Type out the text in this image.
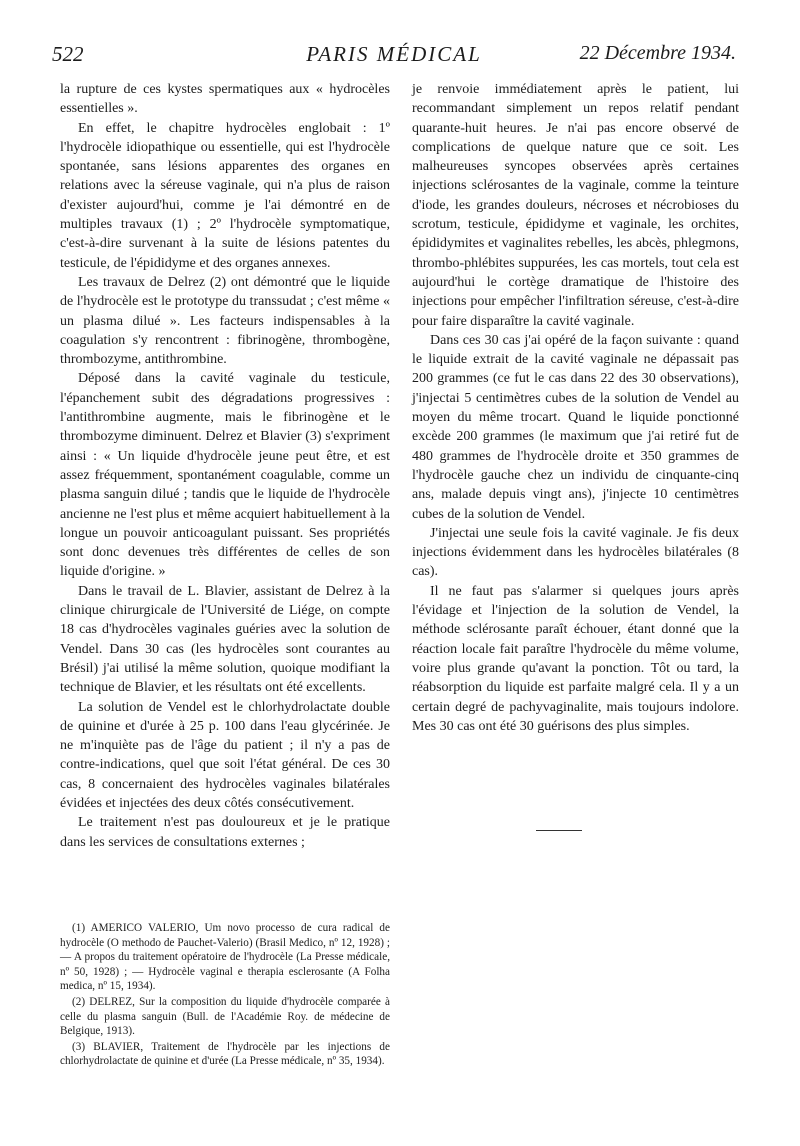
522	PARIS MÉDICAL	22 Décembre 1934.

la rupture de ces kystes spermatiques aux « hydrocèles essentielles ».

En effet, le chapitre hydrocèles englobait : 1º l'hydrocèle idiopathique ou essentielle, qui est l'hydrocèle spontanée, sans lésions apparentes des organes en relations avec la séreuse vaginale, qui n'a plus de raison d'exister aujourd'hui, comme je l'ai démontré en de multiples travaux (1) ; 2º l'hydrocèle symptomatique, c'est-à-dire survenant à la suite de lésions patentes du testicule, de l'épididyme et des organes annexes.

Les travaux de Delrez (2) ont démontré que le liquide de l'hydrocèle est le prototype du transsudat ; c'est même « un plasma dilué ». Les facteurs indispensables à la coagulation s'y rencontrent : fibrinogène, thrombogène, thrombozyme, antithrombine.

Déposé dans la cavité vaginale du testicule, l'épanchement subit des dégradations progressives : l'antithrombine augmente, mais le fibrinogène et le thrombozyme diminuent. Delrez et Blavier (3) s'expriment ainsi : « Un liquide d'hydrocèle jeune peut être, et est assez fréquemment, spontanément coagulable, comme un plasma sanguin dilué ; tandis que le liquide de l'hydrocèle ancienne ne l'est plus et même acquiert habituellement à la longue un pouvoir anticoagulant puissant. Ses propriétés sont donc devenues très différentes de celles de son liquide d'origine. »

Dans le travail de L. Blavier, assistant de Delrez à la clinique chirurgicale de l'Université de Liége, on compte 18 cas d'hydrocèles vaginales guéries avec la solution de Vendel. Dans 30 cas (les hydrocèles sont courantes au Brésil) j'ai utilisé la même solution, quoique modifiant la technique de Blavier, et les résultats ont été excellents.

La solution de Vendel est le chlorhydrolactate double de quinine et d'urée à 25 p. 100 dans l'eau glycérinée. Je ne m'inquiète pas de l'âge du patient ; il n'y a pas de contre-indications, quel que soit l'état général. De ces 30 cas, 8 concernaient des hydrocèles vaginales bilatérales évidées et injectées des deux côtés consécutivement.

Le traitement n'est pas douloureux et je le pratique dans les services de consultations externes ;

je renvoie immédiatement après le patient, lui recommandant simplement un repos relatif pendant quarante-huit heures. Je n'ai pas encore observé de complications de quelque nature que ce soit. Les malheureuses syncopes observées après certaines injections sclérosantes de la vaginale, comme la teinture d'iode, les grandes douleurs, nécroses et nécrobioses du scrotum, testicule, épididyme et vaginale, les orchites, épididymites et vaginalites rebelles, les abcès, phlegmons, thrombo-phlébites suppurées, les cas mortels, tout cela est aujourd'hui le cortège dramatique de l'histoire des injections pour empêcher l'infiltration séreuse, c'est-à-dire pour faire disparaître la cavité vaginale.

Dans ces 30 cas j'ai opéré de la façon suivante : quand le liquide extrait de la cavité vaginale ne dépassait pas 200 grammes (ce fut le cas dans 22 des 30 observations), j'injectai 5 centimètres cubes de la solution de Vendel au moyen du même trocart. Quand le liquide ponctionné excède 200 grammes (le maximum que j'ai retiré fut de 480 grammes de l'hydrocèle droite et 350 grammes de l'hydrocèle gauche chez un individu de cinquante-cinq ans, malade depuis vingt ans), j'injecte 10 centimètres cubes de la solution de Vendel.

J'injectai une seule fois la cavité vaginale. Je fis deux injections évidemment dans les hydrocèles bilatérales (8 cas).

Il ne faut pas s'alarmer si quelques jours après l'évidage et l'injection de la solution de Vendel, la méthode sclérosante paraît échouer, étant donné que la réaction locale fait paraître l'hydrocèle du même volume, voire plus grande qu'avant la ponction. Tôt ou tard, la réabsorption du liquide est parfaite malgré cela. Il y a un certain degré de pachyvaginalite, mais toujours indolore. Mes 30 cas ont été 30 guérisons des plus simples.

(1) AMERICO VALERIO, Um novo processo de cura radical de hydrocèle (O methodo de Pauchet-Valerio) (Brasil Medico, nº 12, 1928) ; — A propos du traitement opératoire de l'hydrocèle (La Presse médicale, nº 50, 1928) ; — Hydrocèle vaginal e therapia esclerosante (A Folha medica, nº 15, 1934).

(2) DELREZ, Sur la composition du liquide d'hydrocèle comparée à celle du plasma sanguin (Bull. de l'Académie Roy. de médecine de Belgique, 1913).

(3) BLAVIER, Traitement de l'hydrocèle par les injections de chlorhydrolactate de quinine et d'urée (La Presse médicale, nº 35, 1934).
